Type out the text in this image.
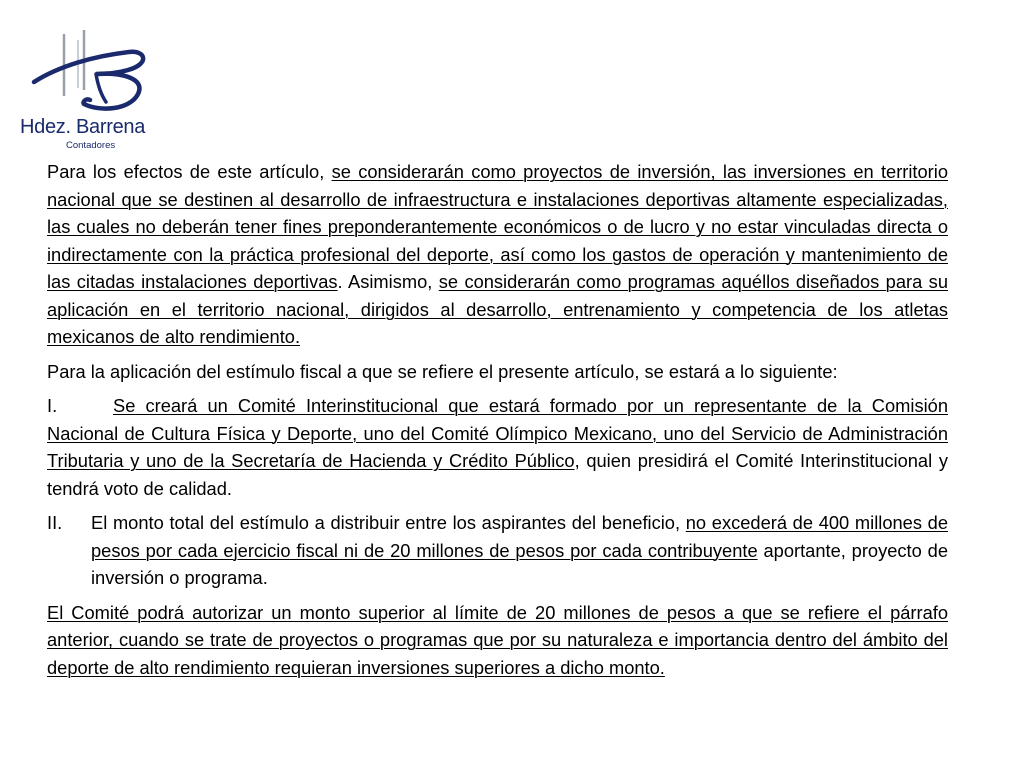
Hdez. Barrena
Contadores

Para los efectos de este artículo, se considerarán como proyectos de inversión, las inversiones en territorio nacional que se destinen al desarrollo de infraestructura e instalaciones deportivas altamente especializadas, las cuales no deberán tener fines preponderantemente económicos o de lucro y no estar vinculadas directa o indirectamente con la práctica profesional del deporte, así como los gastos de operación y mantenimiento de las citadas instalaciones deportivas. Asimismo, se considerarán como programas aquéllos diseñados para su aplicación en el territorio nacional, dirigidos al desarrollo, entrenamiento y competencia de los atletas mexicanos de alto rendimiento.

Para la aplicación del estímulo fiscal a que se refiere el presente artículo, se estará a lo siguiente:

I.	Se creará un Comité Interinstitucional que estará formado por un representante de la Comisión Nacional de Cultura Física y Deporte, uno del Comité Olímpico Mexicano, uno del Servicio de Administración Tributaria y uno de la Secretaría de Hacienda y Crédito Público, quien presidirá el Comité Interinstitucional y tendrá voto de calidad.
II.	El monto total del estímulo a distribuir entre los aspirantes del beneficio, no excederá de 400 millones de pesos por cada ejercicio fiscal ni de 20 millones de pesos por cada contribuyente aportante, proyecto de inversión o programa.

El Comité podrá autorizar un monto superior al límite de 20 millones de pesos a que se refiere el párrafo anterior, cuando se trate de proyectos o programas que por su naturaleza e importancia dentro del ámbito del deporte de alto rendimiento requieran inversiones superiores a dicho monto.
